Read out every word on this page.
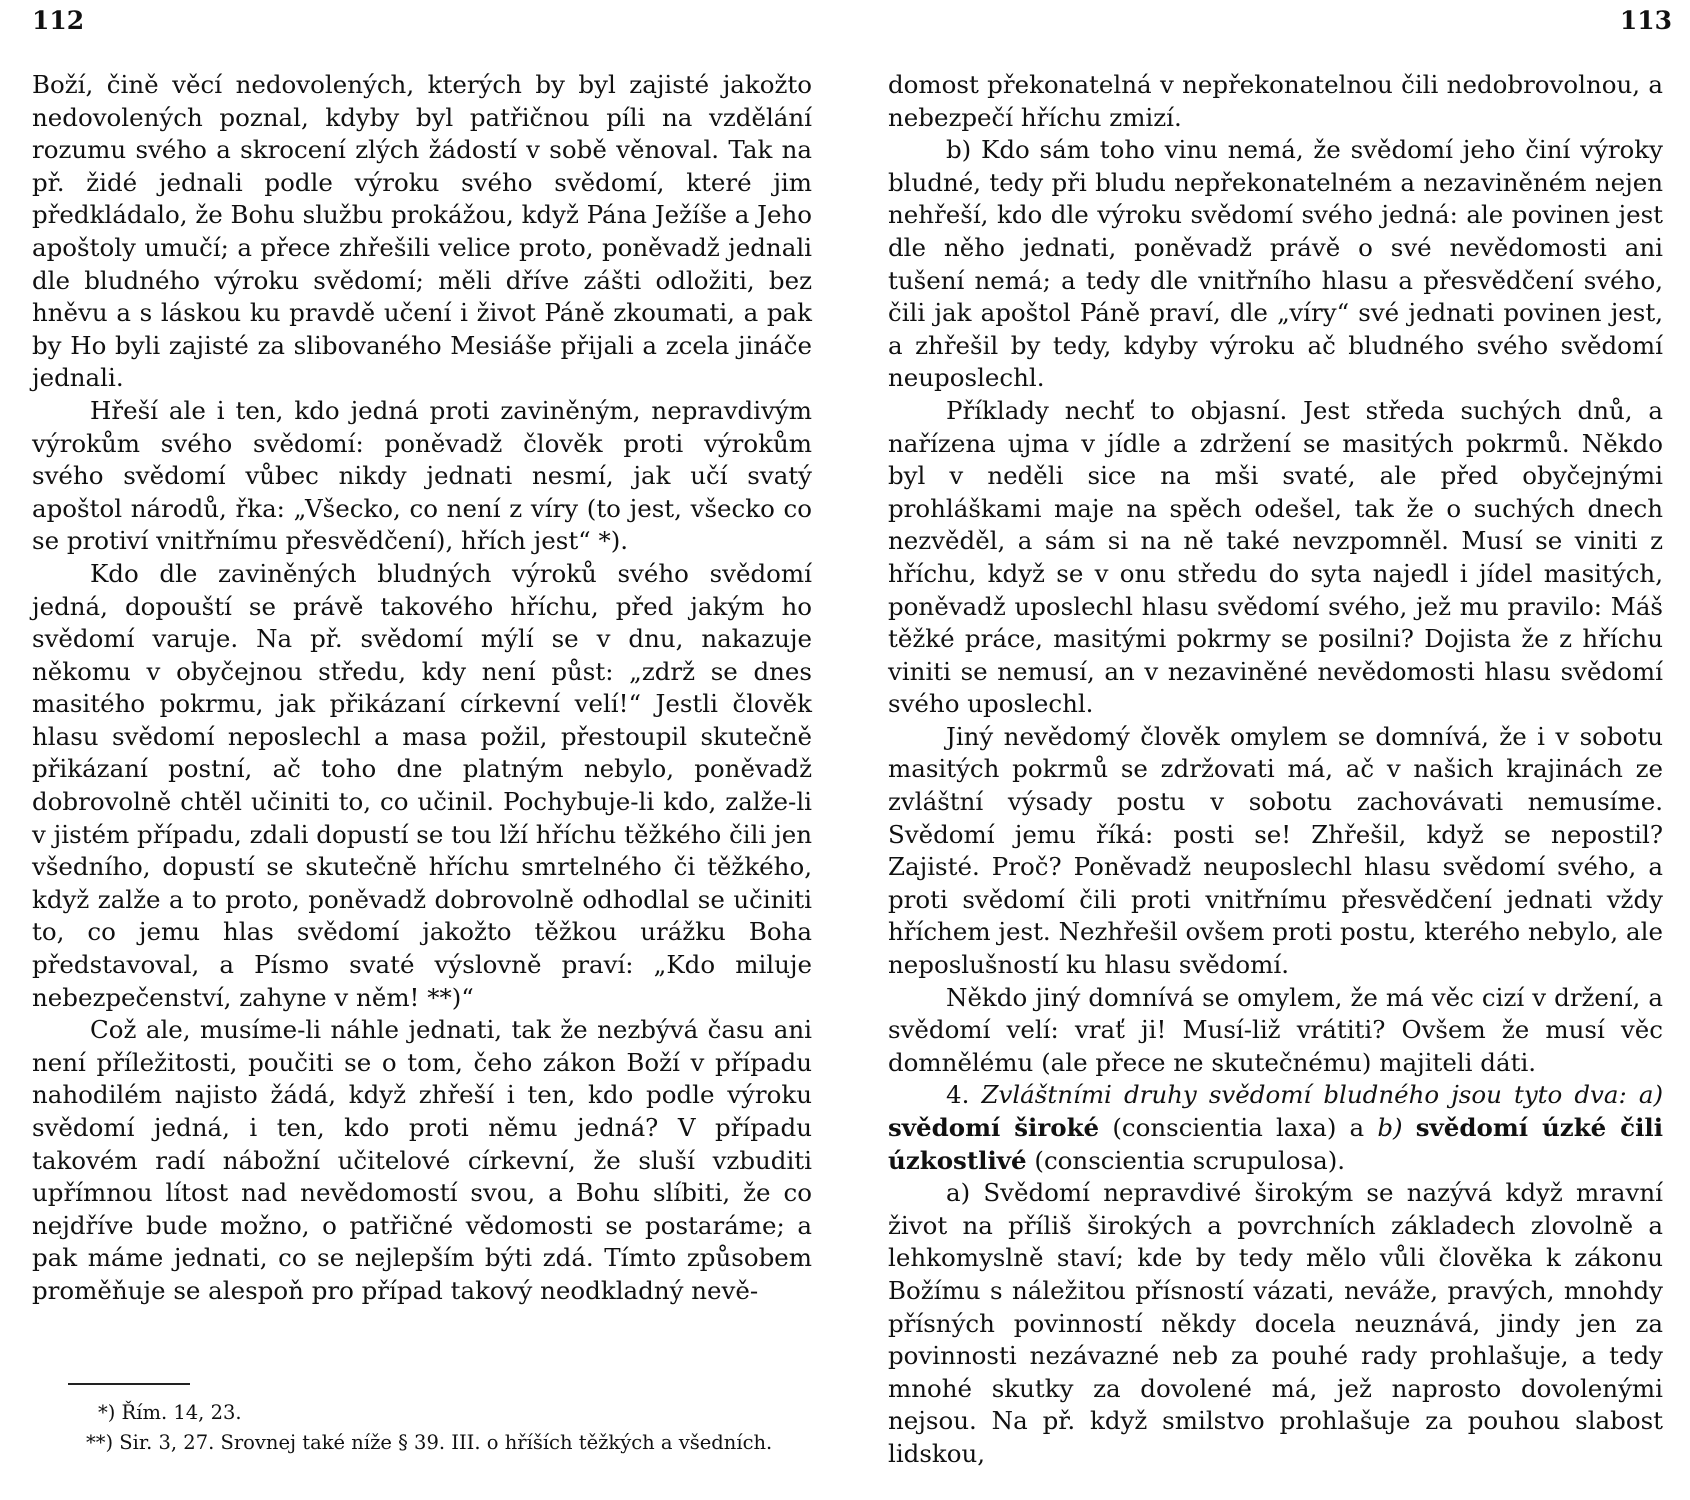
112

Boží, čině věcí nedovolených, kterých by byl zajisté jakožto nedovolených poznal, kdyby byl patřičnou píli na vzdělání rozumu svého a skrocení zlých žádostí v sobě věnoval. Tak na př. židé jednali podle výroku svého svědomí, které jim předkládalo, že Bohu službu prokážou, když Pána Ježíše a Jeho apoštoly umučí; a přece zhřešili velice proto, poněvadž jednali dle bludného výroku svědomí; měli dříve zášti odložiti, bez hněvu a s láskou ku pravdě učení i život Páně zkoumati, a pak by Ho byli zajisté za slibovaného Mesiáše přijali a zcela jináče jednali.

Hřeší ale i ten, kdo jedná proti zaviněným, nepravdivým výrokům svého svědomí: poněvadž člověk proti výrokům svého svědomí vůbec nikdy jednati nesmí, jak učí svatý apoštol národů, řka: „Všecko, co není z víry (to jest, všecko co se protiví vnitřnímu přesvědčení), hřích jest“ *).

Kdo dle zaviněných bludných výroků svého svědomí jedná, dopouští se právě takového hříchu, před jakým ho svědomí varuje. Na př. svědomí mýlí se v dnu, nakazuje někomu v obyčejnou středu, kdy není půst: „zdrž se dnes masitého pokrmu, jak přikázaní církevní velí!“ Jestli člověk hlasu svědomí neposlechl a masa požil, přestoupil skutečně přikázaní postní, ač toho dne platným nebylo, poněvadž dobrovolně chtěl učiniti to, co učinil. Pochybuje-li kdo, zalže-li v jistém případu, zdali dopustí se tou lží hříchu těžkého čili jen všedního, dopustí se skutečně hříchu smrtelného či těžkého, když zalže a to proto, poněvadž dobrovolně odhodlal se učiniti to, co jemu hlas svědomí jakožto těžkou urážku Boha představoval, a Písmo svaté výslovně praví: „Kdo miluje nebezpečenství, zahyne v něm! **)“

Což ale, musíme-li náhle jednati, tak že nezbývá času ani není příležitosti, poučiti se o tom, čeho zákon Boží v případu nahodilém najisto žádá, když zhřeší i ten, kdo podle výroku svědomí jedná, i ten, kdo proti němu jedná? V případu takovém radí nábožní učitelové církevní, že sluší vzbuditi upřímnou lítost nad nevědomostí svou, a Bohu slíbiti, že co nejdříve bude možno, o patřičné vědomosti se postaráme; a pak máme jednati, co se nejlepším býti zdá. Tímto způsobem proměňuje se alespoň pro případ takový neodkladný nevě-

*) Řím. 14, 23.

**) Sir. 3, 27. Srovnej také níže § 39. III. o hříších těžkých a všedních.

113

domost překonatelná v nepřekonatelnou čili nedobrovolnou, a nebezpečí hříchu zmizí.

b) Kdo sám toho vinu nemá, že svědomí jeho činí výroky bludné, tedy při bludu nepřekonatelném a nezaviněném nejen nehřeší, kdo dle výroku svědomí svého jedná: ale povinen jest dle něho jednati, poněvadž právě o své nevědomosti ani tušení nemá; a tedy dle vnitřního hlasu a přesvědčení svého, čili jak apoštol Páně praví, dle „víry“ své jednati povinen jest, a zhřešil by tedy, kdyby výroku ač bludného svého svědomí neuposlechl.

Příklady nechť to objasní. Jest středa suchých dnů, a nařízena ujma v jídle a zdržení se masitých pokrmů. Někdo byl v neděli sice na mši svaté, ale před obyčejnými prohláškami maje na spěch odešel, tak že o suchých dnech nezvěděl, a sám si na ně také nevzpomněl. Musí se viniti z hříchu, když se v onu středu do syta najedl i jídel masitých, poněvadž uposlechl hlasu svědomí svého, jež mu pravilo: Máš těžké práce, masitými pokrmy se posilni? Dojista že z hříchu viniti se nemusí, an v nezaviněné nevědomosti hlasu svědomí svého uposlechl.

Jiný nevědomý člověk omylem se domnívá, že i v sobotu masitých pokrmů se zdržovati má, ač v našich krajinách ze zvláštní výsady postu v sobotu zachovávati nemusíme. Svědomí jemu říká: posti se! Zhřešil, když se nepostil? Zajisté. Proč? Poněvadž neuposlechl hlasu svědomí svého, a proti svědomí čili proti vnitřnímu přesvědčení jednati vždy hříchem jest. Nezhřešil ovšem proti postu, kterého nebylo, ale neposlušností ku hlasu svědomí.

Někdo jiný domnívá se omylem, že má věc cizí v držení, a svědomí velí: vrať ji! Musí-liž vrátiti? Ovšem že musí věc domnělému (ale přece ne skutečnému) majiteli dáti.

4. Zvláštními druhy svědomí bludného jsou tyto dva: a) svědomí široké (conscientia laxa) a b) svědomí úzké čili úzkostlivé (conscientia scrupulosa).

a) Svědomí nepravdivé širokým se nazývá když mravní život na příliš širokých a povrchních základech zlovolně a lehkomyslně staví; kde by tedy mělo vůli člověka k zákonu Božímu s náležitou přísností vázati, neváže, pravých, mnohdy přísných povinností někdy docela neuznává, jindy jen za povinnosti nezávazné neb za pouhé rady prohlašuje, a tedy mnohé skutky za dovolené má, jež naprosto dovolenými nejsou. Na př. když smilstvo prohlašuje za pouhou slabost lidskou,
